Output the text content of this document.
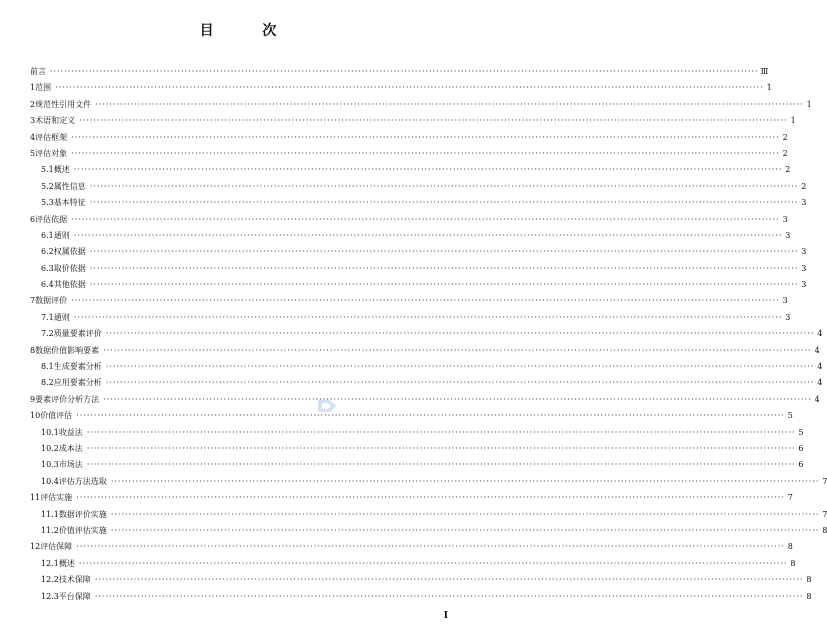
目 次
前言 ········································································································································································································ Ⅲ
1 范围 ········································································································································································································ 1
2 规范性引用文件 ········································································································································································································ 1
3 术语和定义 ········································································································································································································ 1
4 评估框架 ········································································································································································································ 2
5 评估对象 ········································································································································································································ 2
5.1 概述 ········································································································································································································ 2
5.2 属性信息 ········································································································································································································ 2
5.3 基本特征 ········································································································································································································ 3
6 评估依据 ········································································································································································································ 3
6.1 通则 ········································································································································································································ 3
6.2 权属依据 ········································································································································································································ 3
6.3 取价依据 ········································································································································································································ 3
6.4 其他依据 ········································································································································································································ 3
7 数据评价 ········································································································································································································ 3
7.1 通则 ········································································································································································································ 3
7.2 质量要素评价 ········································································································································································································ 4
8 数据价值影响要素 ········································································································································································································ 4
8.1 生成要素分析 ········································································································································································································ 4
8.2 应用要素分析 ········································································································································································································ 4
9 要素评价分析方法 ········································································································································································································ 4
10 价值评估 ········································································································································································································ 5
10.1 收益法 ········································································································································································································ 5
10.2 成本法 ········································································································································································································ 6
10.3 市场法 ········································································································································································································ 6
10.4 评估方法选取 ········································································································································································································ 7
11 评估实施 ········································································································································································································ 7
11.1 数据评价实施 ········································································································································································································ 7
11.2 价值评估实施 ········································································································································································································ 8
12 评估保障 ········································································································································································································ 8
12.1 概述 ········································································································································································································ 8
12.2 技术保障 ········································································································································································································ 8
12.3 平台保障 ········································································································································································································ 8
I
